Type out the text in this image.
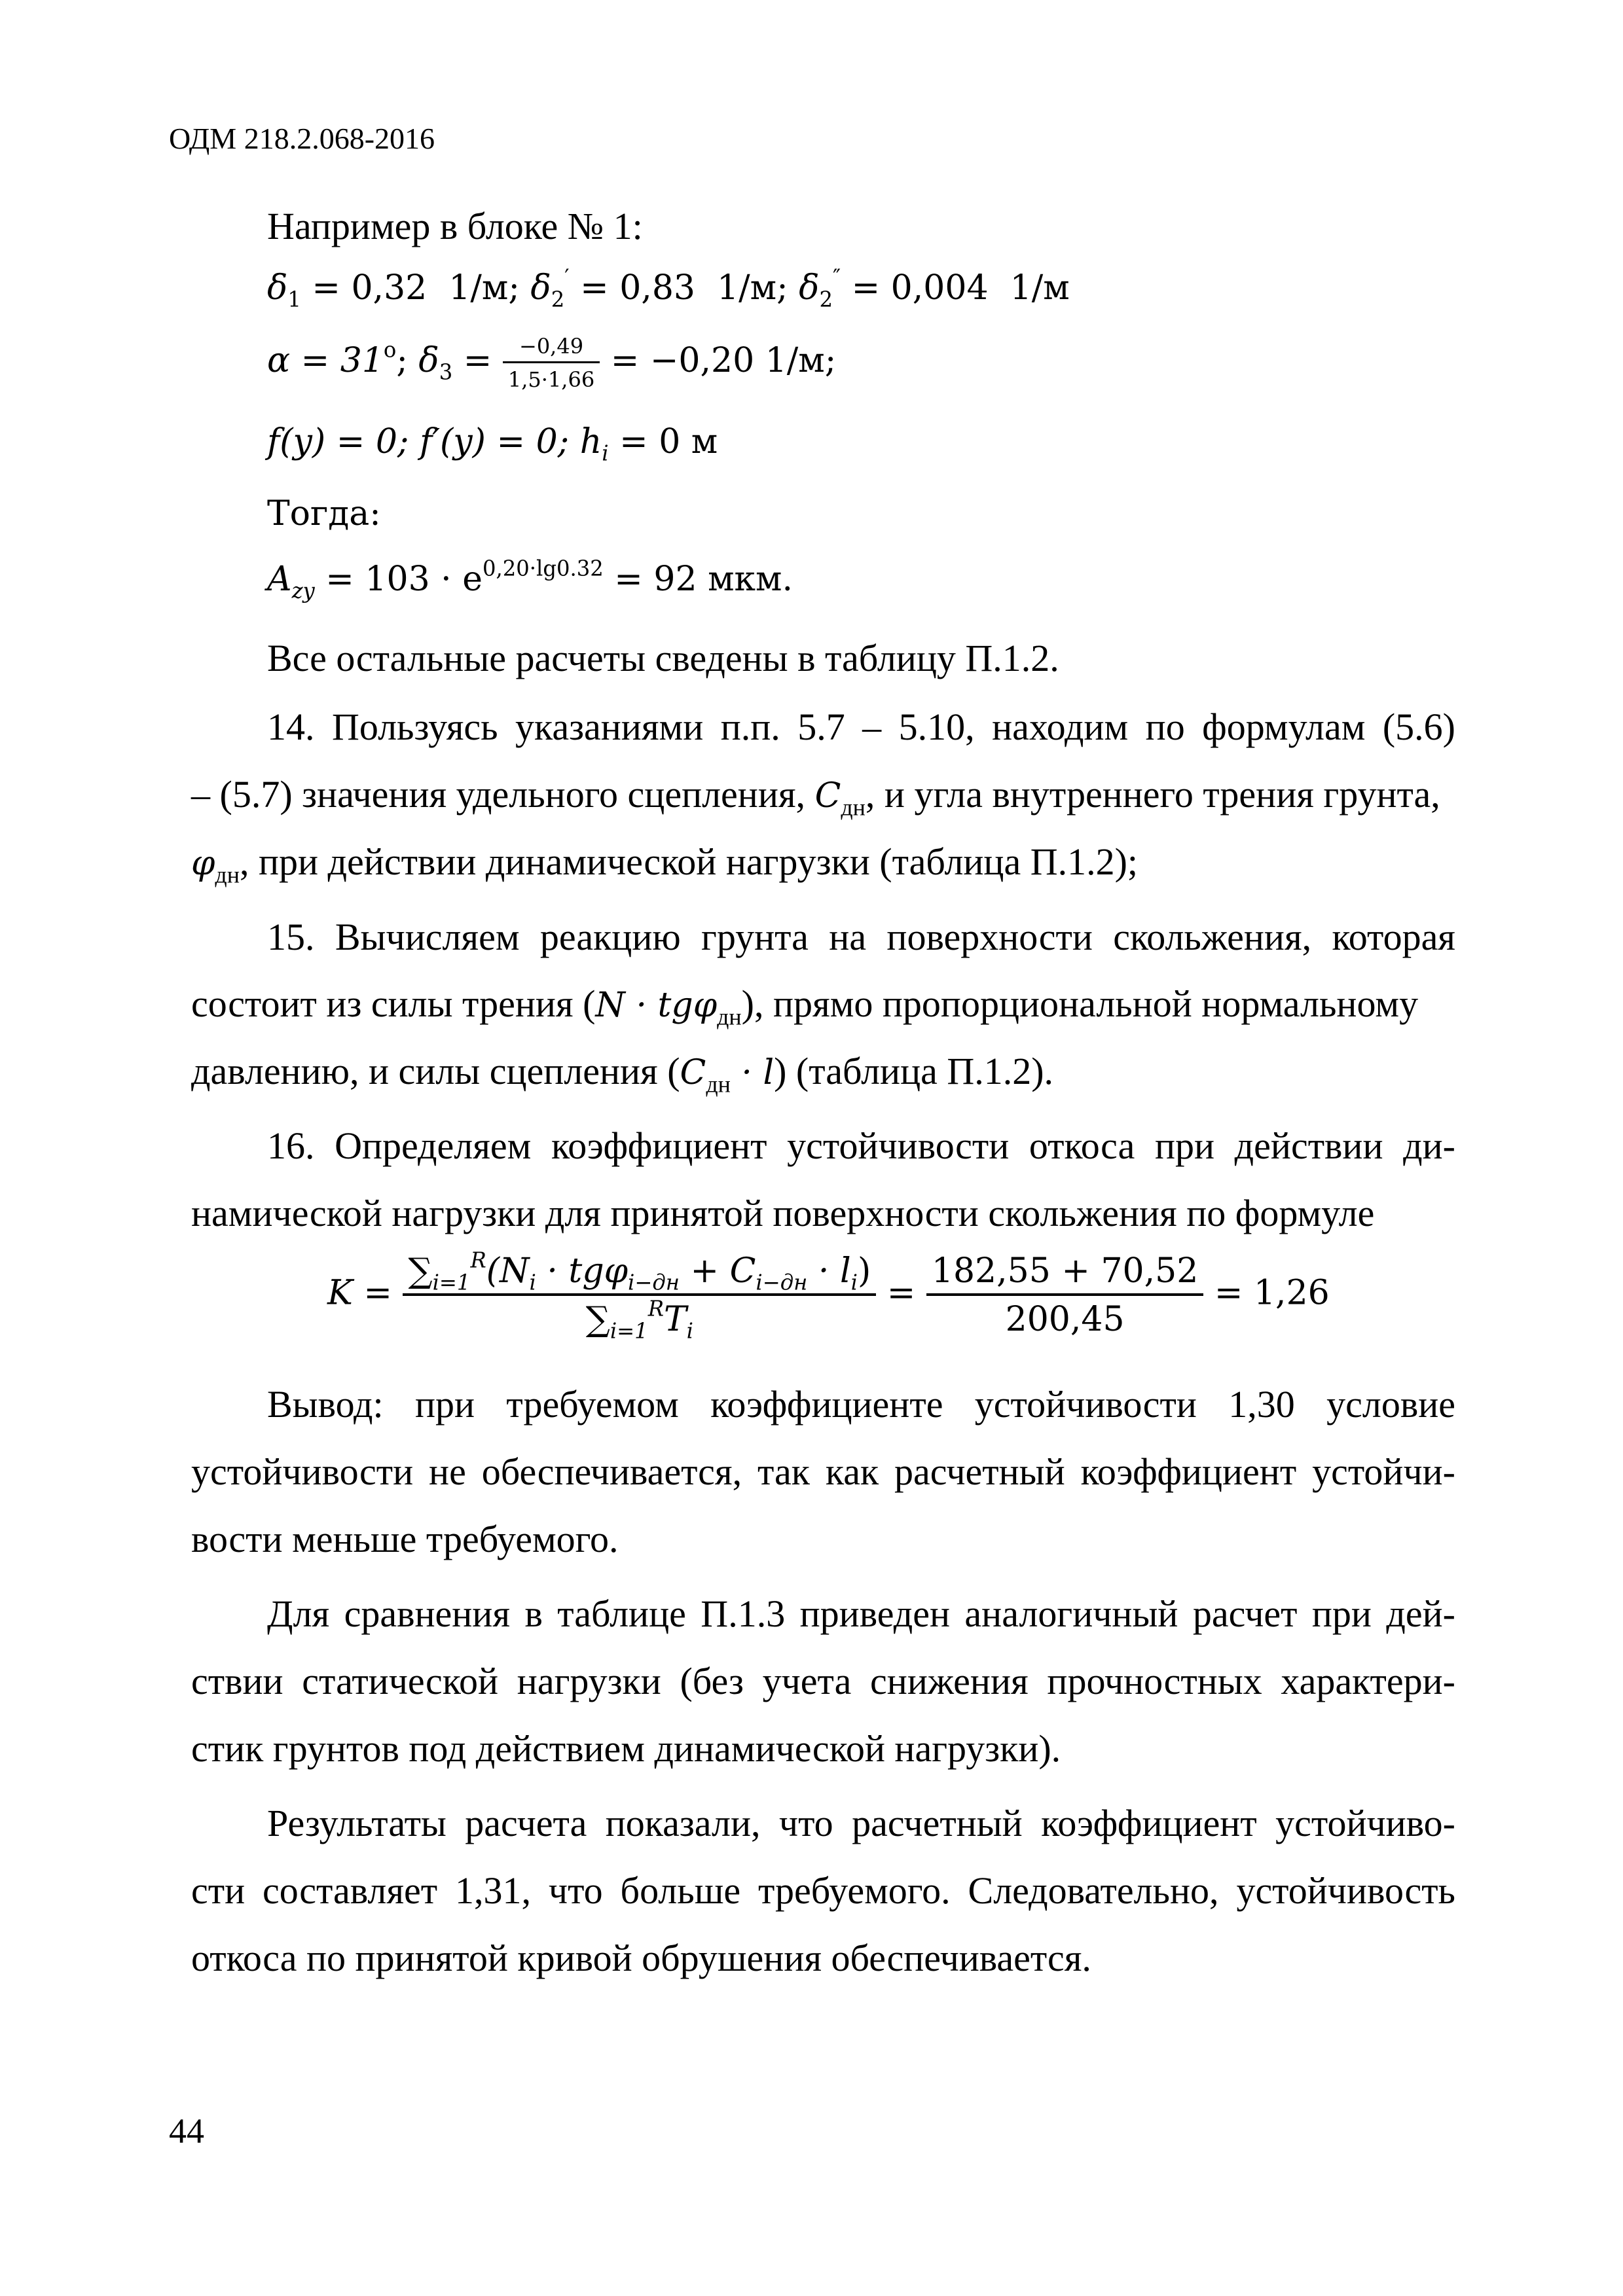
ОДМ 218.2.068-2016
Например в блоке № 1:
$\delta_1 = 0,32$ 1/м; $\delta_2' = 0,83$ 1/м; $\delta_2'' = 0,004$ 1/м
$\alpha = 31^o$; $\delta_3 = \frac{-0,49}{1,5\cdot 1,66} = -0,20$ 1/м;
f(y) = 0; f′(y) = 0; $h_i = 0$ м
Тогда:
$A_{zy} = 103 \cdot e^{0,20\cdot lg0.32} = 92$ мкм.
Все остальные расчеты сведены в таблицу П.1.2.
14. Пользуясь указаниями п.п. 5.7 – 5.10, находим по формулам (5.6)
– (5.7) значения удельного сцепления, $C_{дн}$, и угла внутреннего трения грунта,
$\varphi_{дн}$, при действии динамической нагрузки (таблица П.1.2);
15. Вычисляем реакцию грунта на поверхности скольжения, которая
состоит из силы трения (N · tgφ$_{дн}$), прямо пропорциональной нормальному
давлению, и силы сцепления $(C_{дн} \cdot l)$ (таблица П.1.2).
16. Определяем коэффициент устойчивости откоса при действии ди-
намической нагрузки для принятой поверхности скольжения по формуле
$K = \frac{\sum_{i=1}^R(N_i \cdot tg\varphi_{i-дн} + C_{i-дн} \cdot l_i)}{\sum_{i=1}^RT_i} = \frac{182,55 + 70,52}{200,45} = 1,26$
Вывод: при требуемом коэффициенте устойчивости 1,30 условие
устойчивости не обеспечивается, так как расчетный коэффициент устойчи-
вости меньше требуемого.
Для сравнения в таблице П.1.3 приведен аналогичный расчет при дей-
ствии статической нагрузки (без учета снижения прочностных характери-
стик грунтов под действием динамической нагрузки).
Результаты расчета показали, что расчетный коэффициент устойчиво-
сти составляет 1,31, что больше требуемого. Следовательно, устойчивость
откоса по принятой кривой обрушения обеспечивается.
44
